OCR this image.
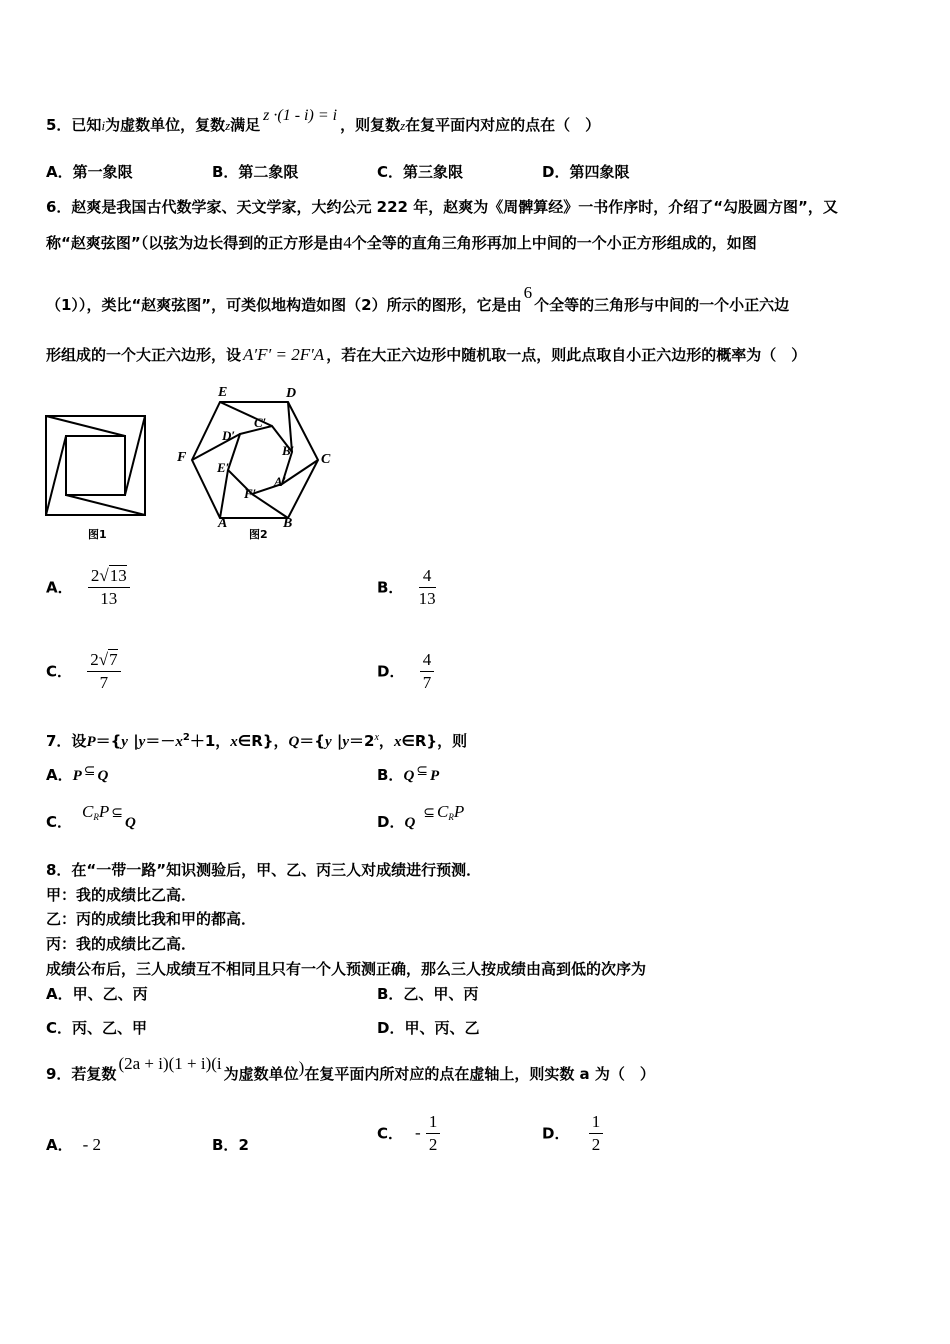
5．已知i为虚数单位，复数z满足z ·(1 - i) = i，则复数z在复平面内对应的点在（　）
A．第一象限	B．第二象限	C．第三象限	D．第四象限
6．赵爽是我国古代数学家、天文学家，大约公元 222 年，赵爽为《周髀算经》一书作序时，介绍了“勾股圆方图”，又
称“赵爽弦图”（以弦为边长得到的正方形是由4个全等的直角三角形再加上中间的一个小正方形组成的，如图
（1）），类比“赵爽弦图”，可类似地构造如图（2）所示的图形，它是由6个全等的三角形与中间的一个小正六边
形组成的一个大正六边形，设 A′F′ = 2F′A ，若在大正六边形中随机取一点，则此点取自小正六边形的概率为（　）
图1
E	D
F	C
A	B
D′
C′
B′
E′
A′
F′
图2
A． $\frac{2√13}{13}$	B． $\frac{4}{13}$
C． $\frac{2√7}{7}$	D． $\frac{4}{7}$
7．设P＝{y $|y=-x^2+1$，x∈R}，Q＝{y $|y=2^x$，x∈R}，则
A．P ⊆ Q	B．Q ⊆ P
C．$C_RP$ ⊆Q	D．Q⊆ $C_RP$
8．在“一带一路”知识测验后，甲、乙、丙三人对成绩进行预测．
甲：我的成绩比乙高．
乙：丙的成绩比我和甲的都高．
丙：我的成绩比乙高．
成绩公布后，三人成绩互不相同且只有一个人预测正确，那么三人按成绩由高到低的次序为
A．甲、乙、丙	B．乙、甲、丙
C．丙、乙、甲	D．甲、丙、乙
9．若复数(2a + i)(1 + i)(i为虚数单位)在复平面内所对应的点在虚轴上，则实数 a 为（　）
A． - 2	B．2
C． - $\frac{1}{2}$	D． $\frac{1}{2}$
